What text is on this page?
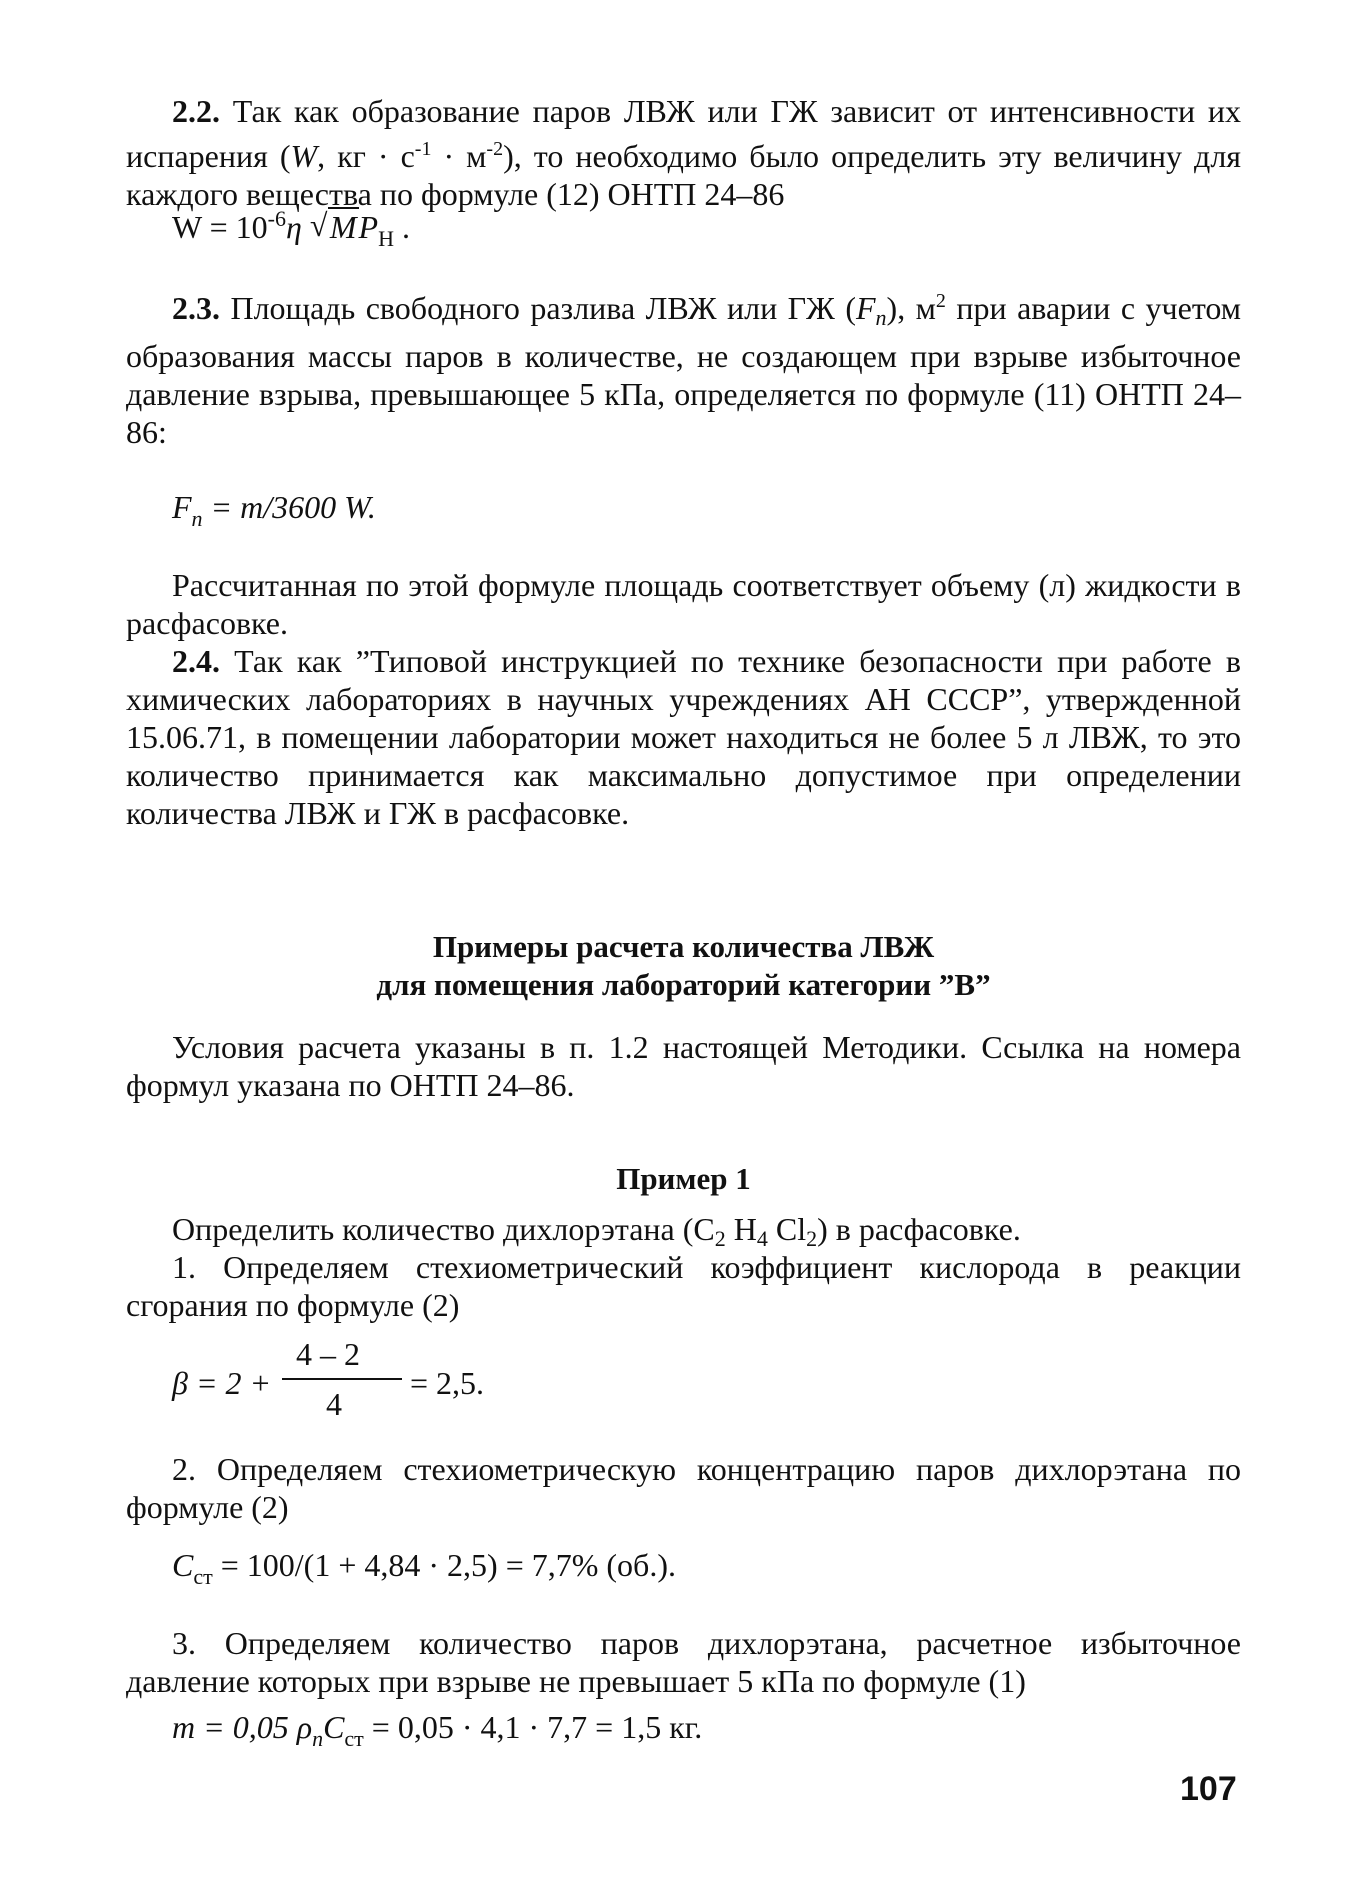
2.2. Так как образование паров ЛВЖ или ГЖ зависит от интенсивности их испарения (W, кг · $с^{-1} \cdot м^{-2}$), то необходимо было определить эту величину для каждого вещества по формуле (12) ОНТП 24–86

$W = 10^{-6}\eta$ √ $MP_Н$ .

2.3. Площадь свободного разлива ЛВЖ или ГЖ $(F_n)$, $м^2$ при аварии с учетом образования массы паров в количестве, не создающем при взрыве избыточное давление взрыва, превышающее 5 кПа, определяется по формуле (11) ОНТП 24–86:

$F_n = m/3600$ W.

Рассчитанная по этой формуле площадь соответствует объему (л) жидкости в расфасовке.

2.4. Так как ”Типовой инструкцией по технике безопасности при работе в химических лабораториях в научных учреждениях АН СССР”, утвержденной 15.06.71, в помещении лаборатории может находиться не более 5 л ЛВЖ, то это количество принимается как максимально допустимое при определении количества ЛВЖ и ГЖ в расфасовке.

Примеры расчета количества ЛВЖ
для помещения лабораторий категории ”В”

Условия расчета указаны в п. 1.2 настоящей Методики. Ссылка на номера формул указана по ОНТП 24–86.

Пример 1

Определить количество дихлорэтана ($C_2$ $H_4$ $Cl_2$) в расфасовке.

1. Определяем стехиометрический коэффициент кислорода в реакции сгорания по формуле (2)

β = 2 +
4 – 2
4
= 2,5.

2. Определяем стехиометрическую концентрацию паров дихлорэтана по формуле (2)

$C_{ст} = 100/(1 + 4,84 \cdot 2,5) = 7,7\%$ (об.).

3. Определяем количество паров дихлорэтана, расчетное избыточное давление которых при взрыве не превышает 5 кПа по формуле (1)

m = 0,05 $\rho_nC_{ст} = 0,05 \cdot 4,1 \cdot 7,7 = 1,5$ кг.
107
